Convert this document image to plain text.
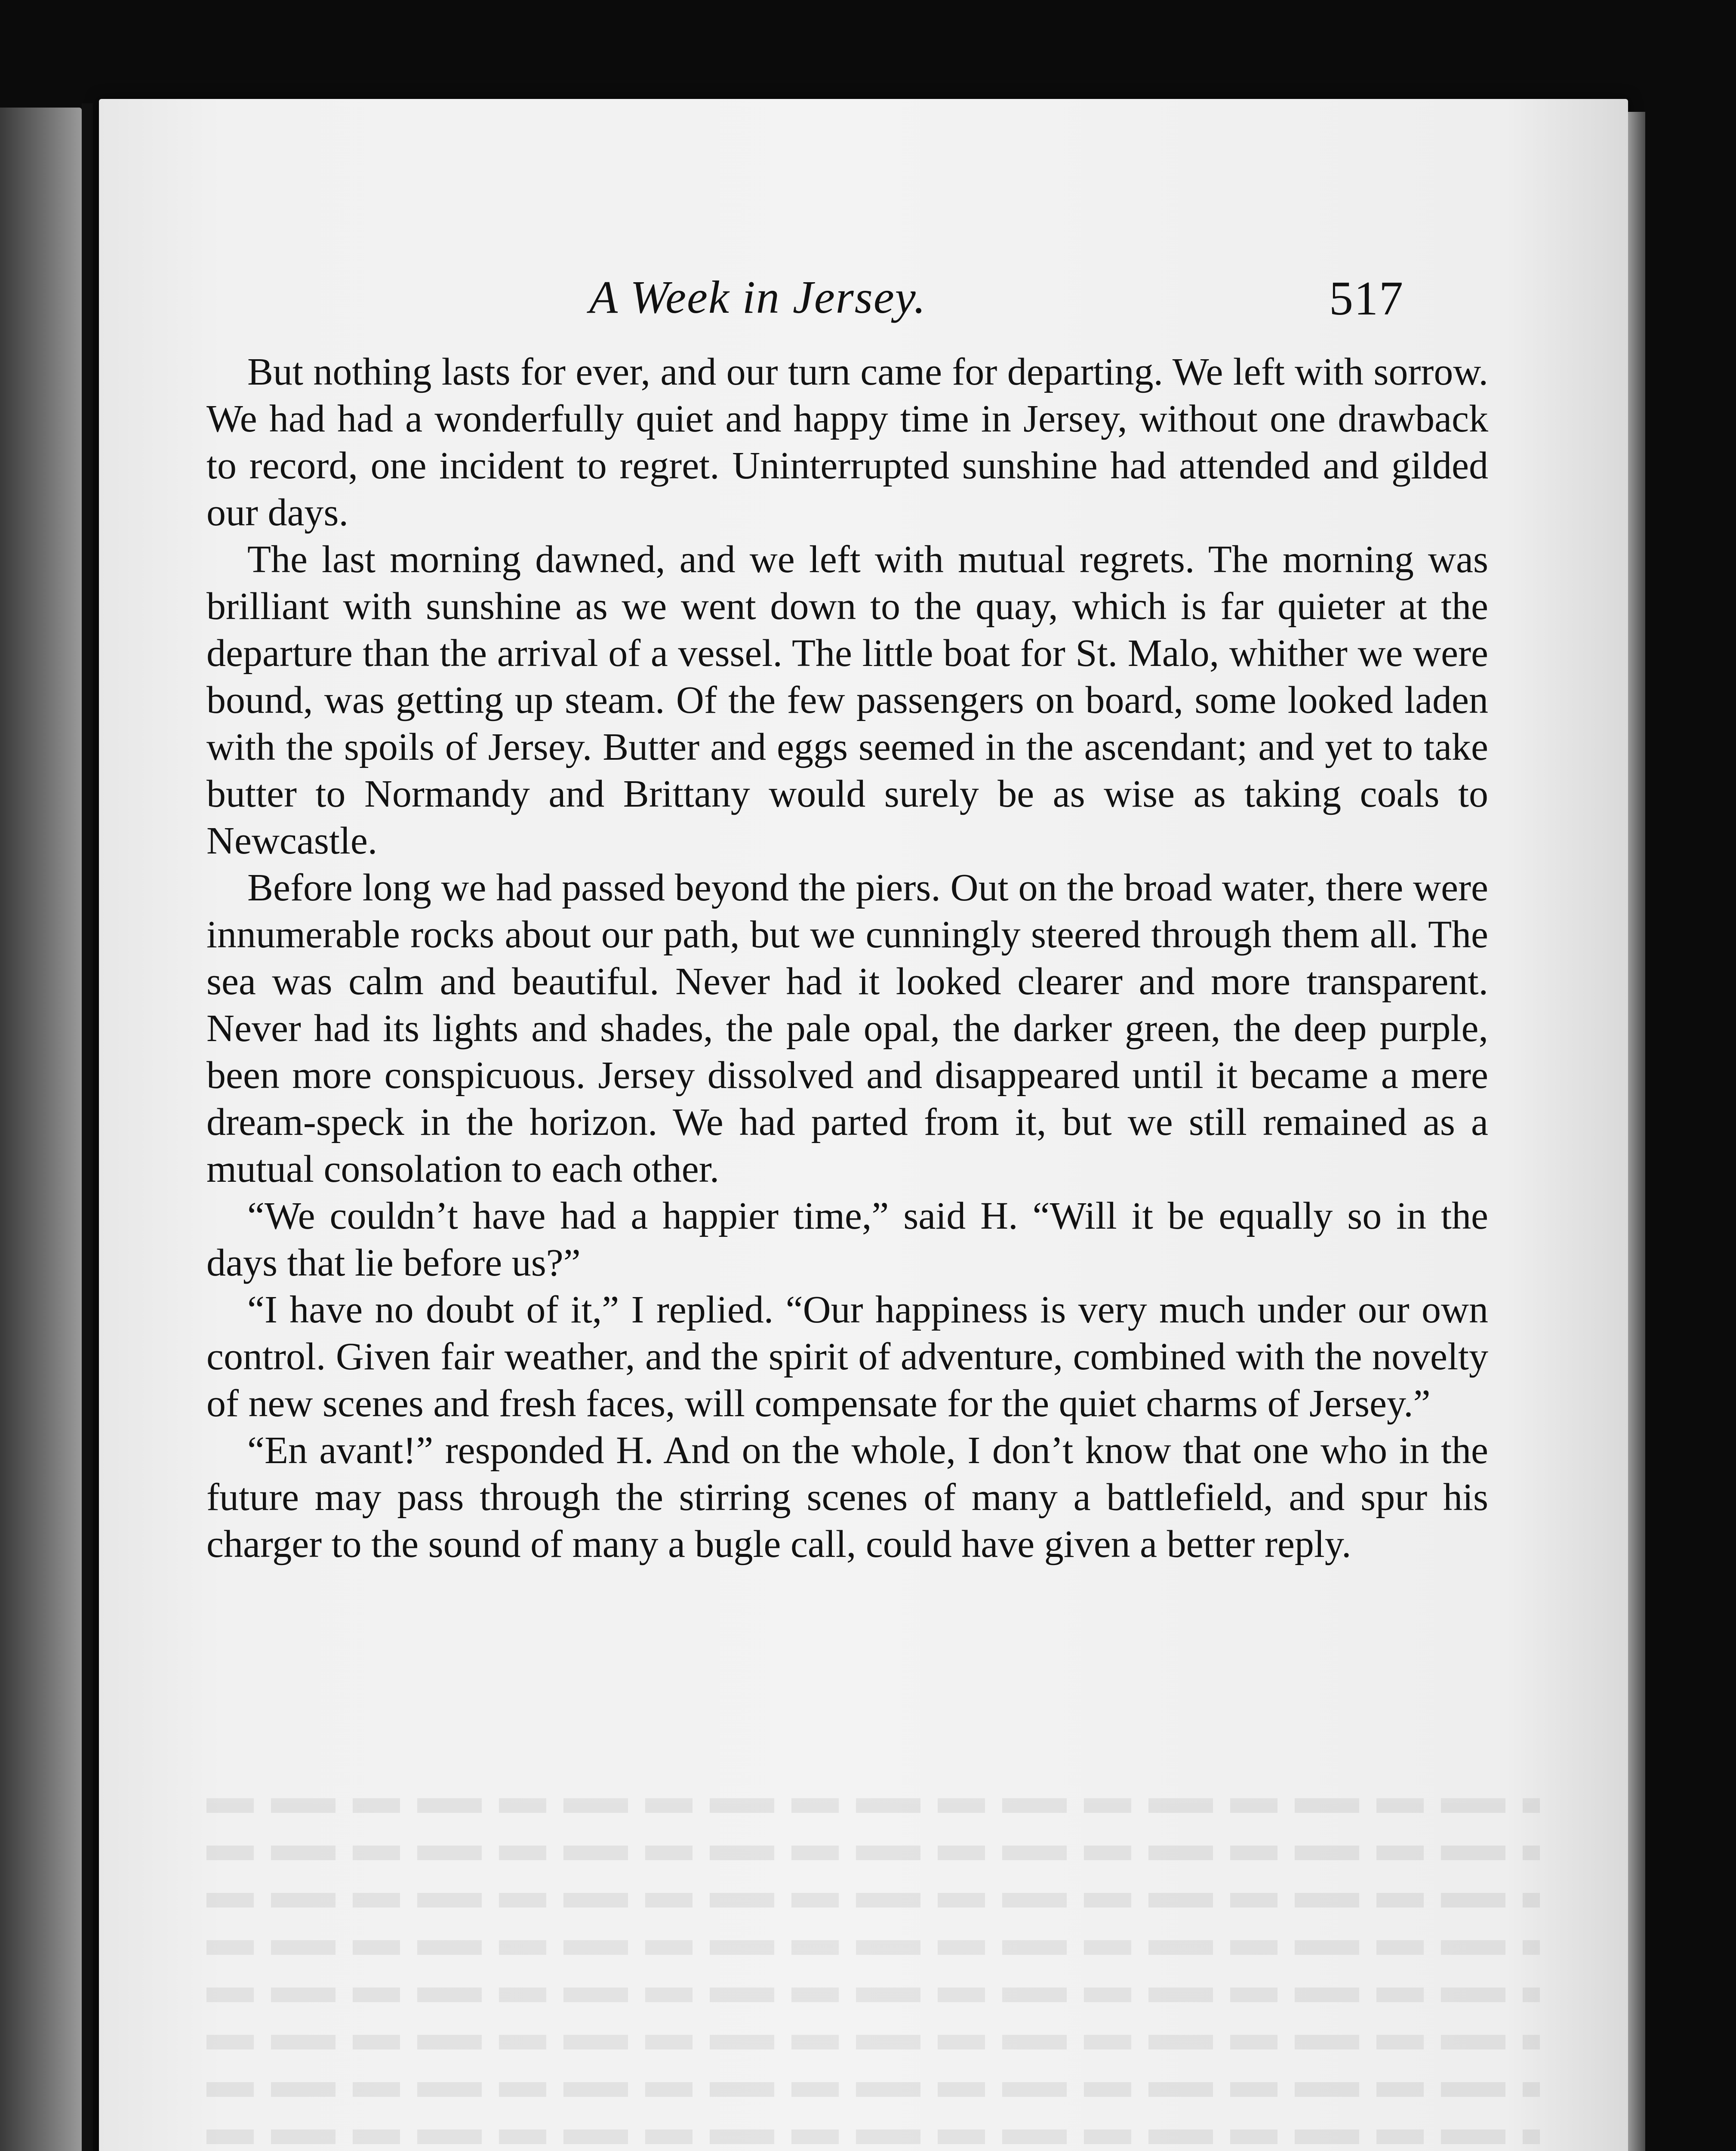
A Week in Jersey.	517

But nothing lasts for ever, and our turn came for departing. We left with sorrow. We had had a wonderfully quiet and happy time in Jersey, without one drawback to record, one incident to regret. Uninterrupted sunshine had attended and gilded our days.

The last morning dawned, and we left with mutual regrets. The morning was brilliant with sunshine as we went down to the quay, which is far quieter at the departure than the arrival of a vessel. The little boat for St. Malo, whither we were bound, was getting up steam. Of the few passengers on board, some looked laden with the spoils of Jersey. Butter and eggs seemed in the ascendant; and yet to take butter to Normandy and Brittany would surely be as wise as taking coals to Newcastle.

Before long we had passed beyond the piers. Out on the broad water, there were innumerable rocks about our path, but we cunningly steered through them all. The sea was calm and beautiful. Never had it looked clearer and more transparent. Never had its lights and shades, the pale opal, the darker green, the deep purple, been more conspicuous. Jersey dissolved and disappeared until it became a mere dream-speck in the horizon. We had parted from it, but we still remained as a mutual consolation to each other.

“We couldn’t have had a happier time,” said H. “Will it be equally so in the days that lie before us?”

“I have no doubt of it,” I replied. “Our happiness is very much under our own control. Given fair weather, and the spirit of adventure, combined with the novelty of new scenes and fresh faces, will compensate for the quiet charms of Jersey.”

“En avant!” responded H. And on the whole, I don’t know that one who in the future may pass through the stirring scenes of many a battlefield, and spur his charger to the sound of many a bugle call, could have given a better reply.
